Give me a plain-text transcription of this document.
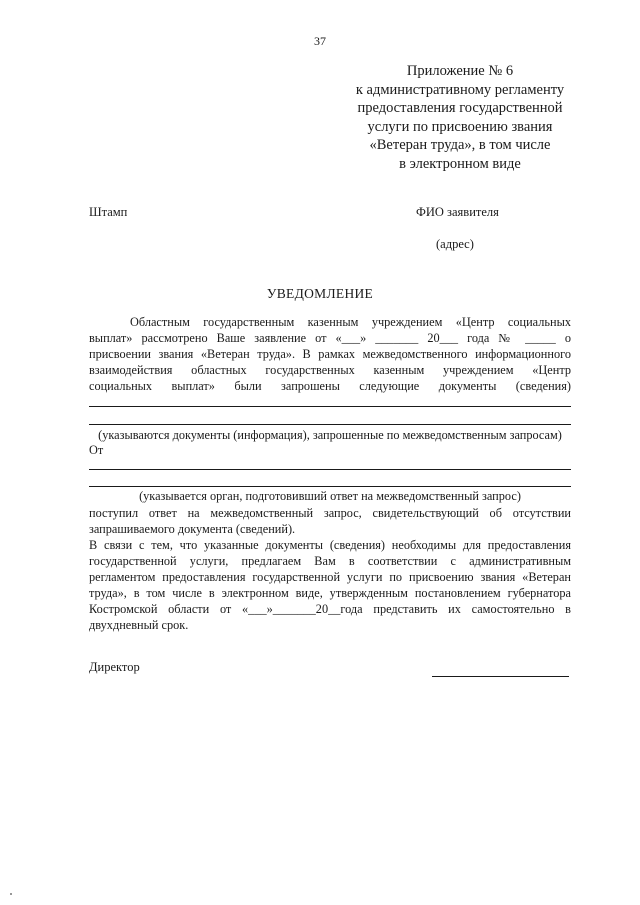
37
Приложение № 6
к административному регламенту
предоставления государственной
услуги по присвоению звания
«Ветеран труда», в том числе
в электронном виде
Штамп	ФИО заявителя
(адрес)
УВЕДОМЛЕНИЕ
Областным государственным казенным учреждением «Центр социальных
выплат» рассмотрено Ваше заявление от «___» _______ 20___ года № _____ о
присвоении звания «Ветеран труда». В рамках межведомственного информационного
взаимодействия областных государственных казенным учреждением «Центр
социальных выплат» были запрошены следующие документы (сведения)
(указываются документы (информация), запрошенные по межведомственным запросам)
От
(указывается орган, подготовивший ответ на межведомственный запрос)
поступил ответ на межведомственный запрос, свидетельствующий об отсутствии
запрашиваемого документа (сведений).
В связи с тем, что указанные документы (сведения) необходимы для предоставления
государственной услуги, предлагаем Вам в соответствии с административным
регламентом предоставления государственной услуги по присвоению звания «Ветеран
труда», в том числе в электронном виде, утвержденным постановлением губернатора
Костромской области от «___»_______20__года представить их самостоятельно в
двухдневный срок.
Директор
